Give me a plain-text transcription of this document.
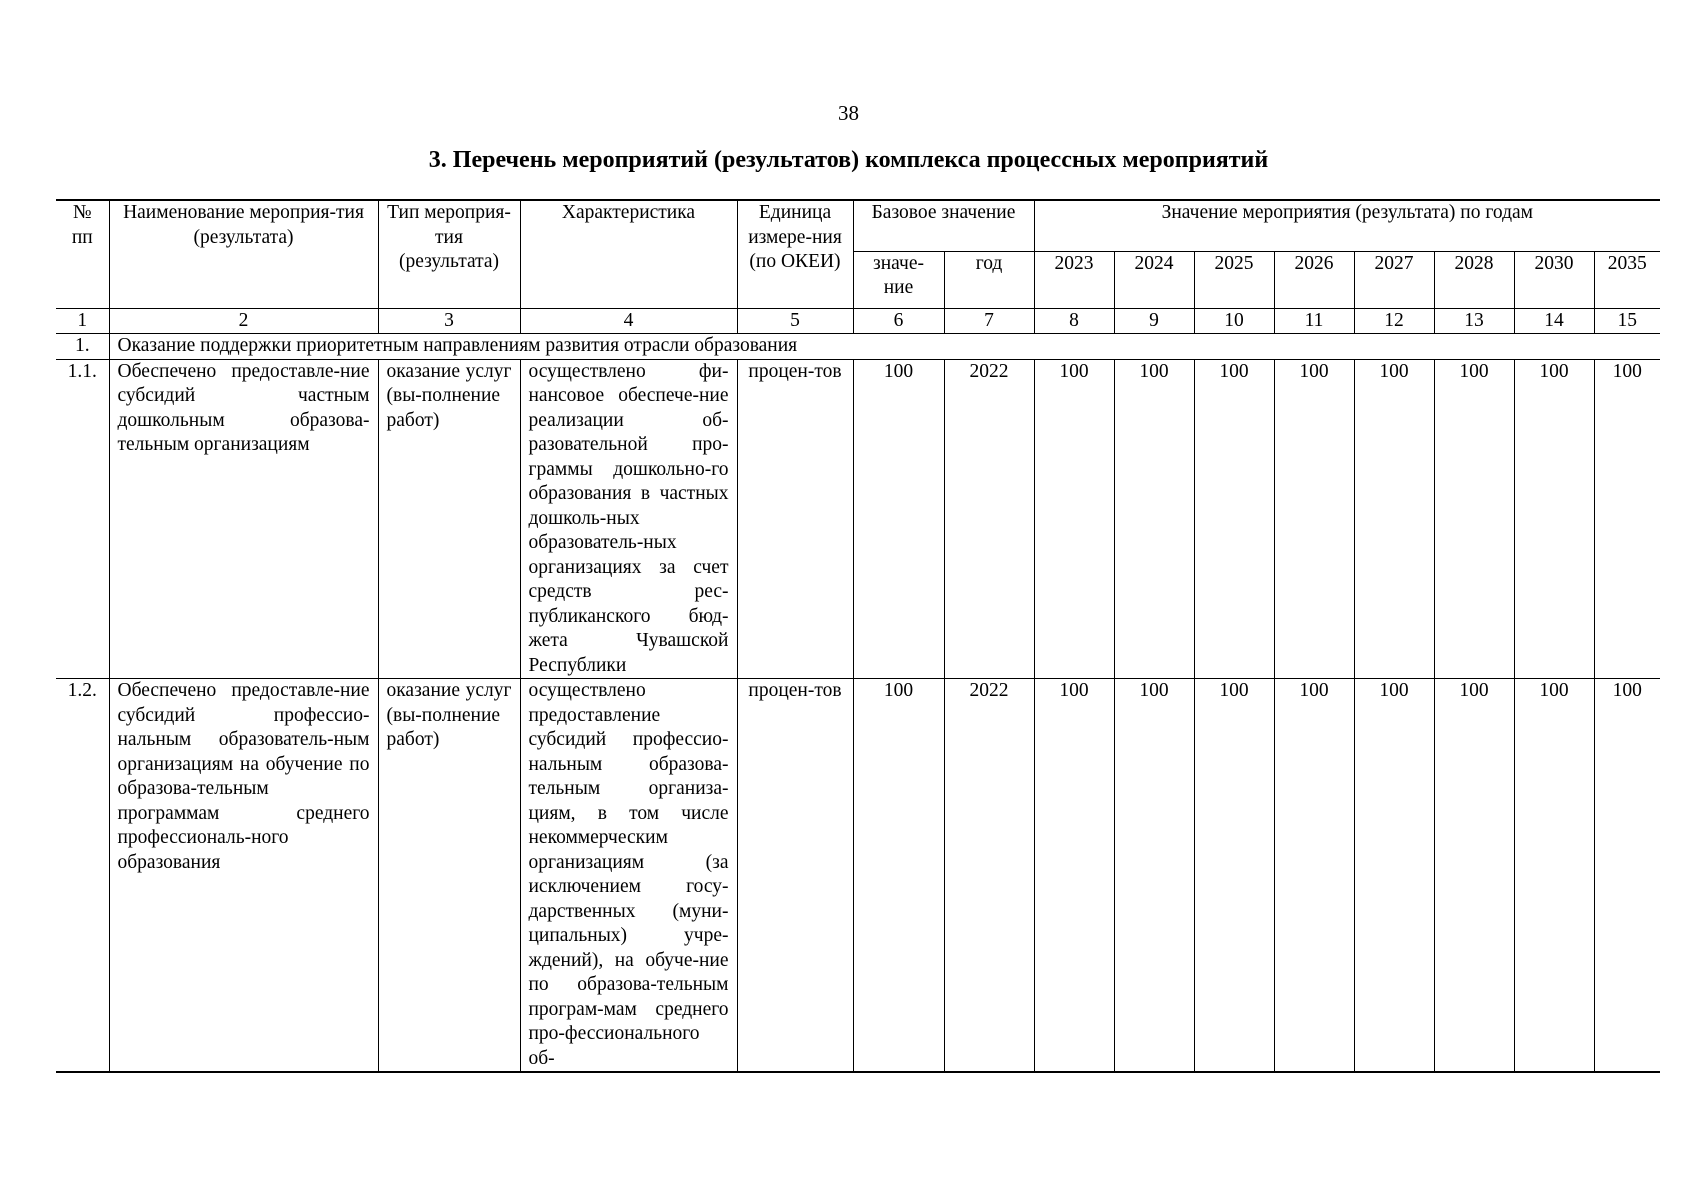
38
3. Перечень мероприятий (результатов) комплекса процессных мероприятий
№ пп	Наименование мероприя-тия (результата)	Тип мероприя-тия (результата)	Характеристика	Единица измере-ния (по ОКЕИ)	Базовое значение		Значение мероприятия (результата) по годам							
					значе-ние	год	2023	2024	2025	2026	2027	2028	2030	2035
1	2	3	4	5	6	7	8	9	10	11	12	13	14	15
1.	Оказание поддержки приоритетным направлениям развития отрасли образования													
1.1.	Обеспечено предоставле-ние субсидий частным дошкольным образова-тельным организациям	оказание услуг (вы-полнение работ)	осуществлено фи-нансовое обеспече-ние реализации об-разовательной про-граммы дошкольно-го образования в частных дошколь-ных образователь-ных организациях за счет средств рес-публиканского бюд-жета Чувашской Республики	процен-тов	100	2022	100	100	100	100	100	100	100	100
1.2.	Обеспечено предоставле-ние субсидий профессио-нальным образователь-ным организациям на обучение по образова-тельным программам среднего профессиональ-ного образования	оказание услуг (вы-полнение работ)	осуществлено предоставление субсидий профессио-нальным образова-тельным организа-циям, в том числе некоммерческим организациям (за исключением госу-дарственных (муни-ципальных) учре-ждений), на обуче-ние по образова-тельным програм-мам среднего про-фессионального об-	процен-тов	100	2022	100	100	100	100	100	100	100	100
